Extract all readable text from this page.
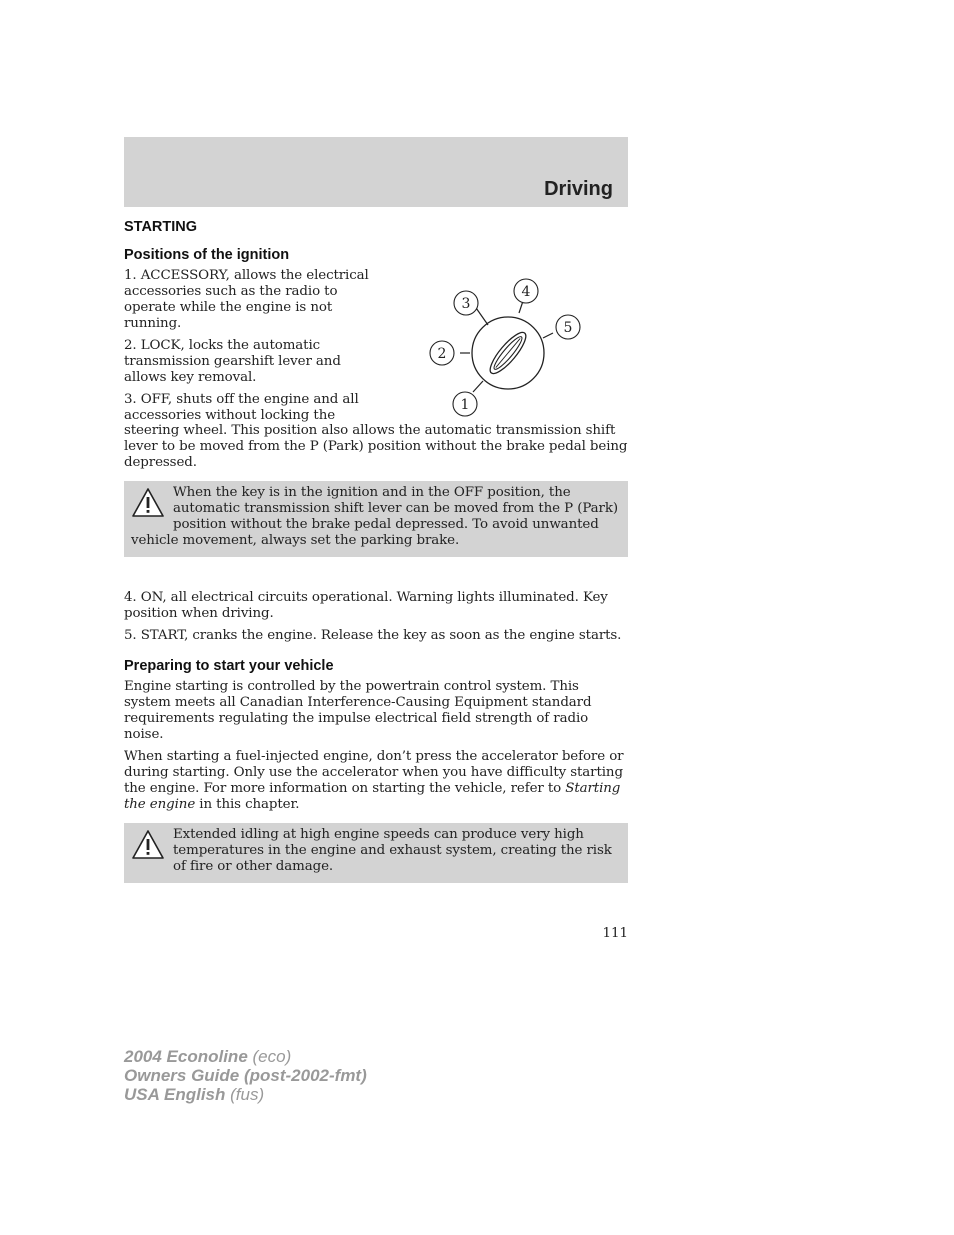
Driving
1
2
3
4
5
STARTING
Positions of the ignition

1. ACCESSORY, allows the electrical accessories such as the radio to operate while the engine is not running.

2. LOCK, locks the automatic transmission gearshift lever and allows key removal.

3. OFF, shuts off the engine and all accessories without locking the

steering wheel. This position also allows the automatic transmission shift lever to be moved from the P (Park) position without the brake pedal being depressed.

When the key is in the ignition and in the OFF position, the automatic transmission shift lever can be moved from the P (Park) position without the brake pedal depressed. To avoid unwanted vehicle movement, always set the parking brake.

4. ON, all electrical circuits operational. Warning lights illuminated. Key position when driving.

5. START, cranks the engine. Release the key as soon as the engine starts.

Preparing to start your vehicle

Engine starting is controlled by the powertrain control system. This system meets all Canadian Interference-Causing Equipment standard requirements regulating the impulse electrical field strength of radio noise.

When starting a fuel-injected engine, don’t press the accelerator before or during starting. Only use the accelerator when you have difficulty starting the engine. For more information on starting the vehicle, refer to Starting the engine in this chapter.

Extended idling at high engine speeds can produce very high temperatures in the engine and exhaust system, creating the risk of fire or other damage.

111
2004 Econoline (eco)
Owners Guide (post-2002-fmt)
USA English (fus)
